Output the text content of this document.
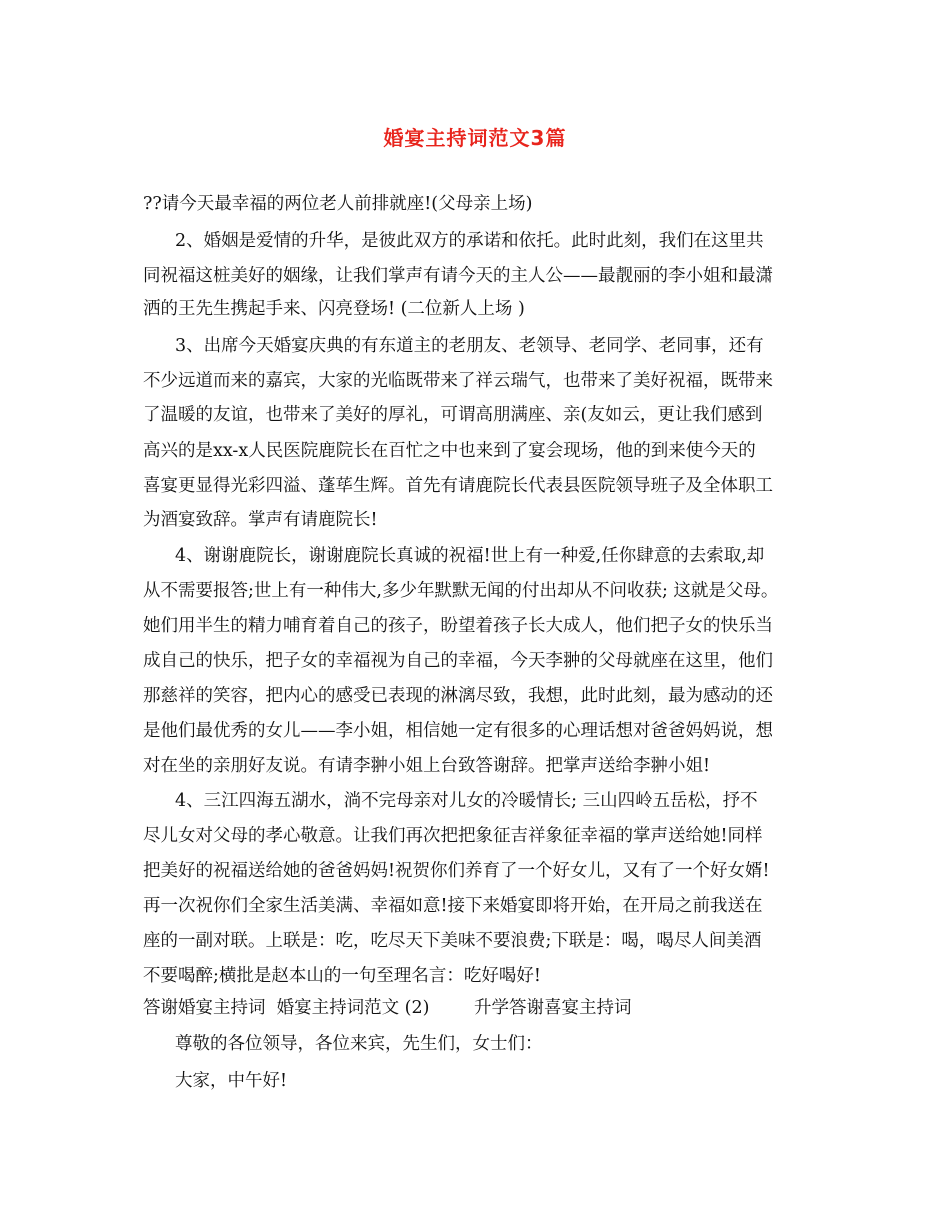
婚宴主持词范文3篇
??请今天最幸福的两位老人前排就座!(父母亲上场)
2、婚姻是爱情的升华，是彼此双方的承诺和依托。此时此刻，我们在这里共
同祝福这桩美好的姻缘，让我们掌声有请今天的主人公——最靓丽的李小姐和最潇
洒的王先生携起手来、闪亮登场! (二位新人上场 )
3、出席今天婚宴庆典的有东道主的老朋友、老领导、老同学、老同事，还有
不少远道而来的嘉宾，大家的光临既带来了祥云瑞气，也带来了美好祝福，既带来
了温暖的友谊，也带来了美好的厚礼，可谓高朋满座、亲(友如云，更让我们感到
高兴的是xx-x人民医院鹿院长在百忙之中也来到了宴会现场，他的到来使今天的
喜宴更显得光彩四溢、蓬荜生辉。首先有请鹿院长代表县医院领导班子及全体职工
为酒宴致辞。掌声有请鹿院长!
4、谢谢鹿院长，谢谢鹿院长真诚的祝福!世上有一种爱,任你肆意的去索取,却
从不需要报答;世上有一种伟大,多少年默默无闻的付出却从不问收获; 这就是父母。
她们用半生的精力哺育着自己的孩子，盼望着孩子长大成人，他们把子女的快乐当
成自己的快乐，把子女的幸福视为自己的幸福，今天李翀的父母就座在这里，他们
那慈祥的笑容，把内心的感受已表现的淋漓尽致，我想，此时此刻，最为感动的还
是他们最优秀的女儿——李小姐，相信她一定有很多的心理话想对爸爸妈妈说，想
对在坐的亲朋好友说。有请李翀小姐上台致答谢辞。把掌声送给李翀小姐!
4、三江四海五湖水，淌不完母亲对儿女的冷暖情长; 三山四岭五岳松，抒不
尽儿女对父母的孝心敬意。让我们再次把把象征吉祥象征幸福的掌声送给她!同样
把美好的祝福送给她的爸爸妈妈!祝贺你们养育了一个好女儿，又有了一个好女婿!
再一次祝你们全家生活美满、幸福如意!接下来婚宴即将开始，在开局之前我送在
座的一副对联。上联是：吃，吃尽天下美味不要浪费;下联是：喝，喝尽人间美酒
不要喝醉;横批是赵本山的一句至理名言：吃好喝好!
答谢婚宴主持词  婚宴主持词范文 (2)        升学答谢喜宴主持词
尊敬的各位领导，各位来宾，先生们，女士们：
大家，中午好!
